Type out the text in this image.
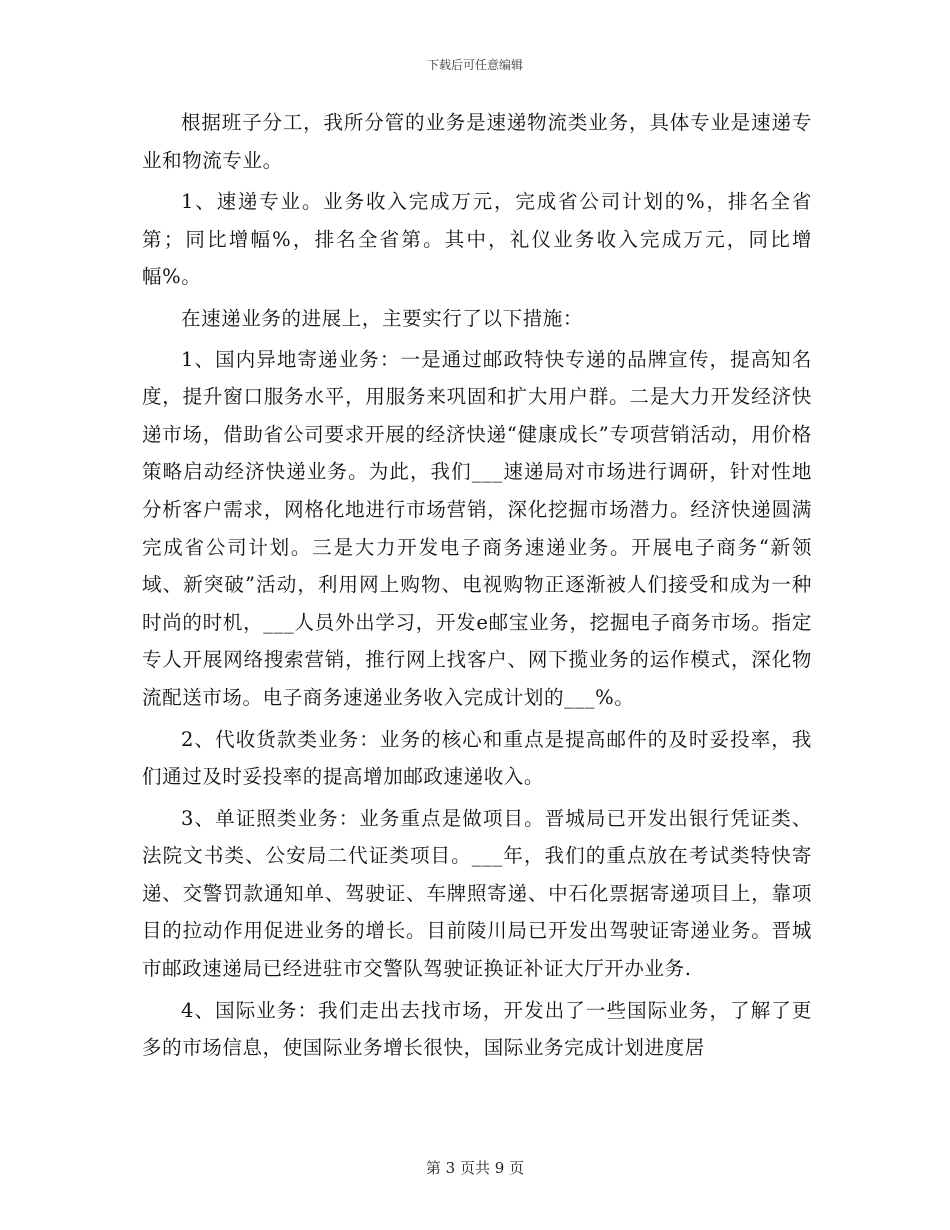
下载后可任意编辑

根据班子分工，我所分管的业务是速递物流类业务，具体专业是速递专业和物流专业。

1、速递专业。业务收入完成万元，完成省公司计划的%，排名全省第；同比增幅%，排名全省第。其中，礼仪业务收入完成万元，同比增幅%。

在速递业务的进展上，主要实行了以下措施：

1、国内异地寄递业务：一是通过邮政特快专递的品牌宣传，提高知名度，提升窗口服务水平，用服务来巩固和扩大用户群。二是大力开发经济快递市场，借助省公司要求开展的经济快递“健康成长”专项营销活动，用价格策略启动经济快递业务。为此，我们___速递局对市场进行调研，针对性地分析客户需求，网格化地进行市场营销，深化挖掘市场潜力。经济快递圆满完成省公司计划。三是大力开发电子商务速递业务。开展电子商务“新领域、新突破”活动，利用网上购物、电视购物正逐渐被人们接受和成为一种时尚的时机，___人员外出学习，开发e邮宝业务，挖掘电子商务市场。指定专人开展网络搜索营销，推行网上找客户、网下揽业务的运作模式，深化物流配送市场。电子商务速递业务收入完成计划的___%。

2、代收货款类业务：业务的核心和重点是提高邮件的及时妥投率，我们通过及时妥投率的提高增加邮政速递收入。

3、单证照类业务：业务重点是做项目。晋城局已开发出银行凭证类、法院文书类、公安局二代证类项目。___年，我们的重点放在考试类特快寄递、交警罚款通知单、驾驶证、车牌照寄递、中石化票据寄递项目上，靠项目的拉动作用促进业务的增长。目前陵川局已开发出驾驶证寄递业务。晋城市邮政速递局已经进驻市交警队驾驶证换证补证大厅开办业务.

4、国际业务：我们走出去找市场，开发出了一些国际业务，了解了更多的市场信息，使国际业务增长很快，国际业务完成计划进度居

第 3 页共 9 页
